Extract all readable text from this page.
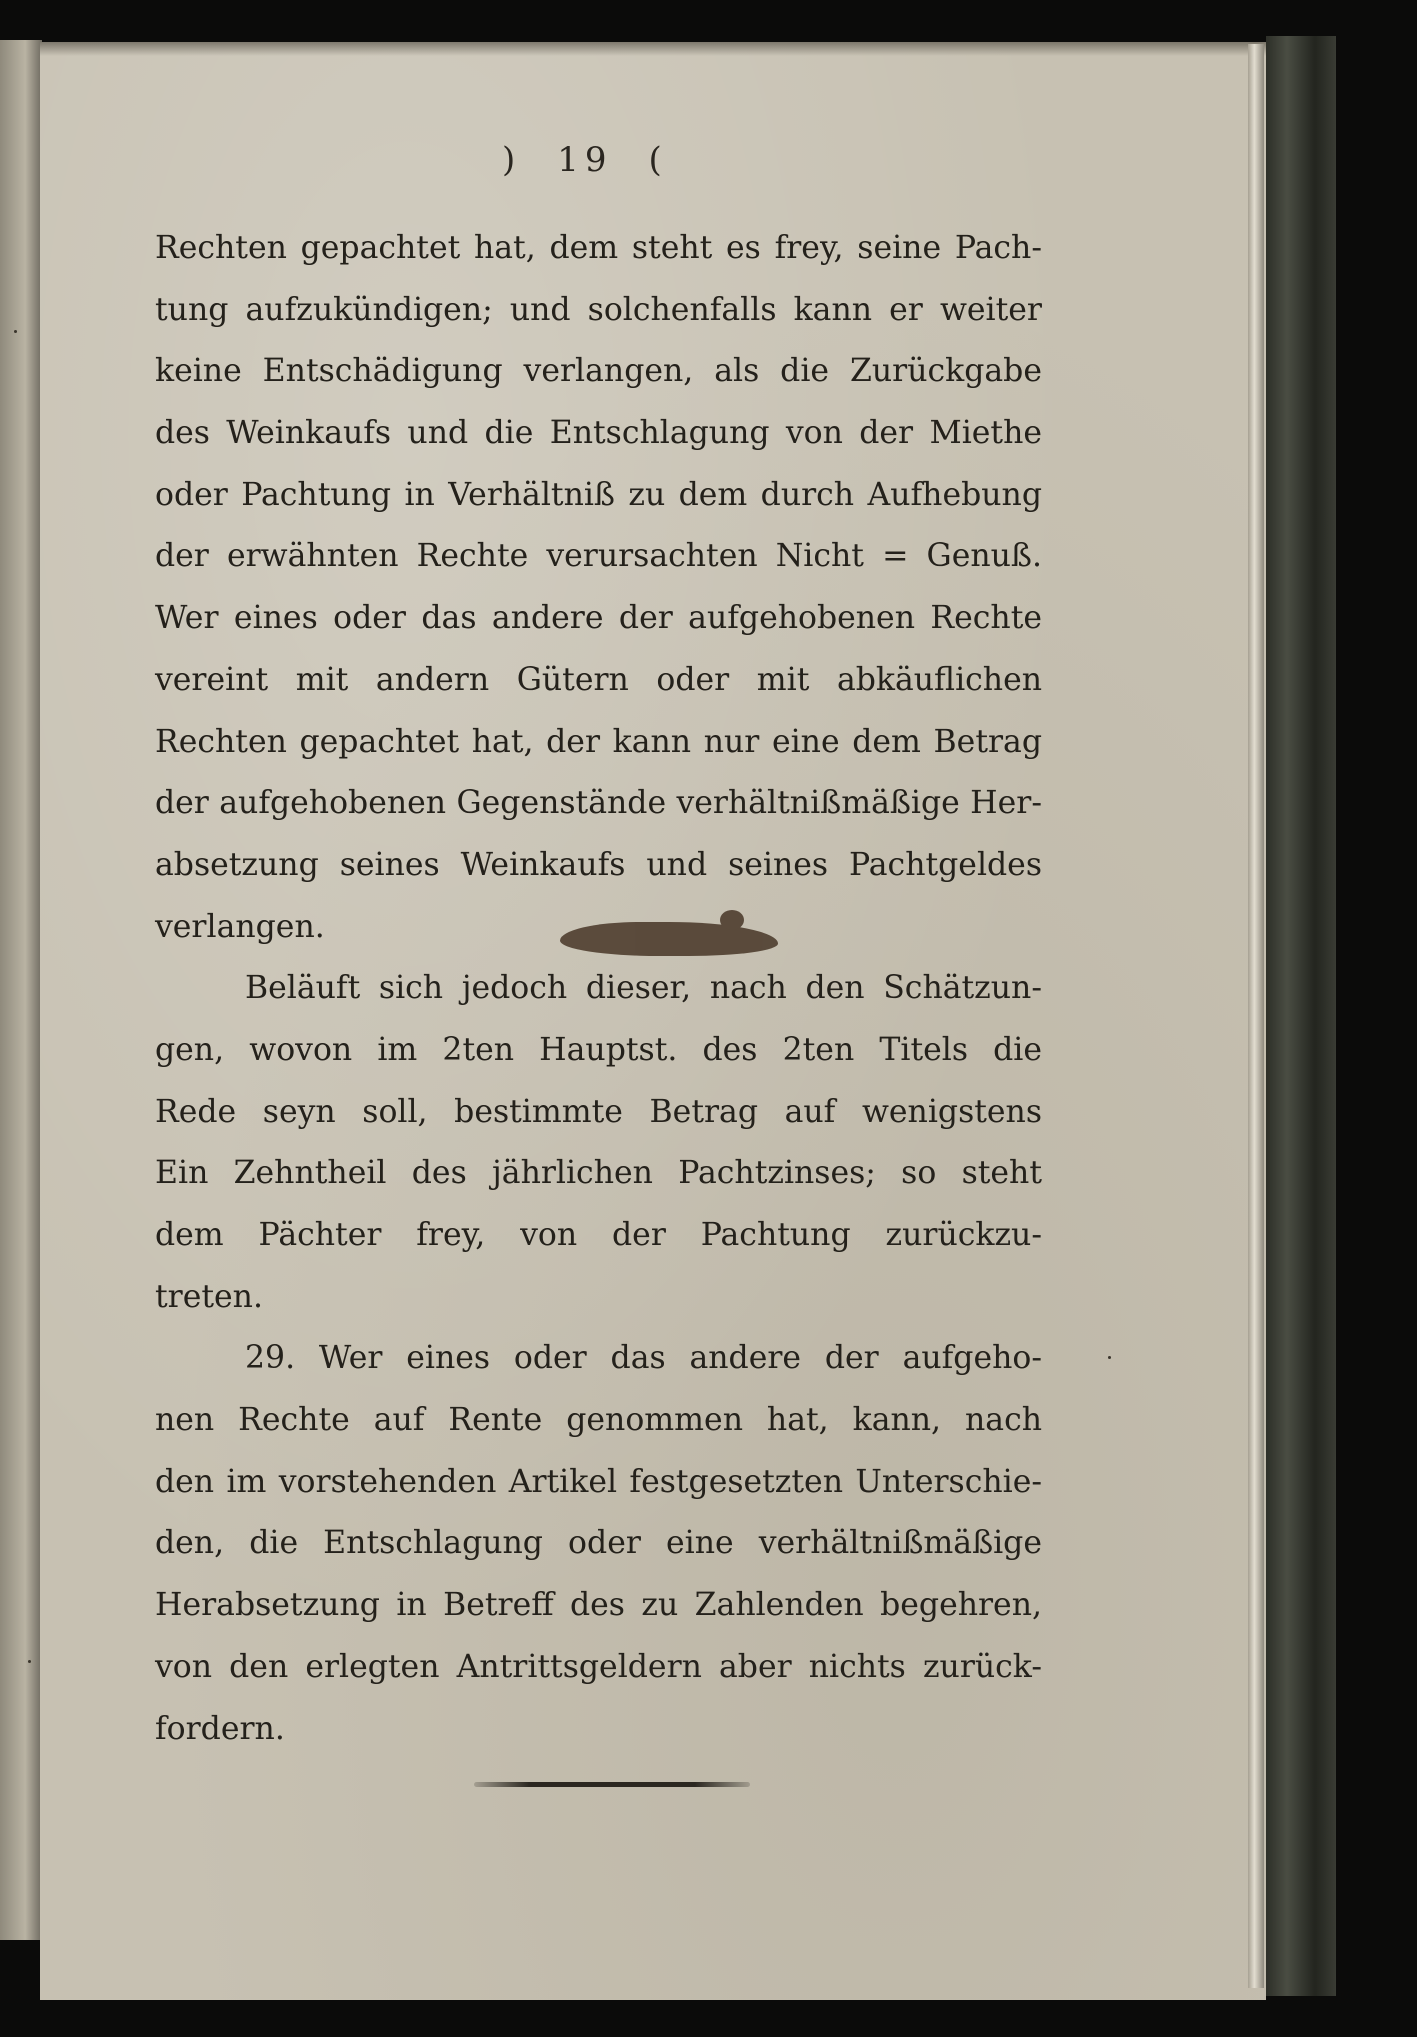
) 19 (
Rechten gepachtet hat, dem steht es frey, seine Pach-
tung aufzukündigen; und solchenfalls kann er weiter
keine Entschädigung verlangen, als die Zurückgabe
des Weinkaufs und die Entschlagung von der Miethe
oder Pachtung in Verhältniß zu dem durch Aufhebung
der erwähnten Rechte verursachten Nicht = Genuß.
Wer eines oder das andere der aufgehobenen Rechte
vereint mit andern Gütern oder mit abkäuflichen
Rechten gepachtet hat, der kann nur eine dem Betrag
der aufgehobenen Gegenstände verhältnißmäßige Her-
absetzung seines Weinkaufs und seines Pachtgeldes
verlangen.
Beläuft sich jedoch dieser, nach den Schätzun-
gen, wovon im 2ten Hauptst. des 2ten Titels die
Rede seyn soll, bestimmte Betrag auf wenigstens
Ein Zehntheil des jährlichen Pachtzinses; so steht
dem Pächter frey, von der Pachtung zurückzu-
treten.
29. Wer eines oder das andere der aufgeho-
nen Rechte auf Rente genommen hat, kann, nach
den im vorstehenden Artikel festgesetzten Unterschie-
den, die Entschlagung oder eine verhältnißmäßige
Herabsetzung in Betreff des zu Zahlenden begehren,
von den erlegten Antrittsgeldern aber nichts zurück-
fordern.
